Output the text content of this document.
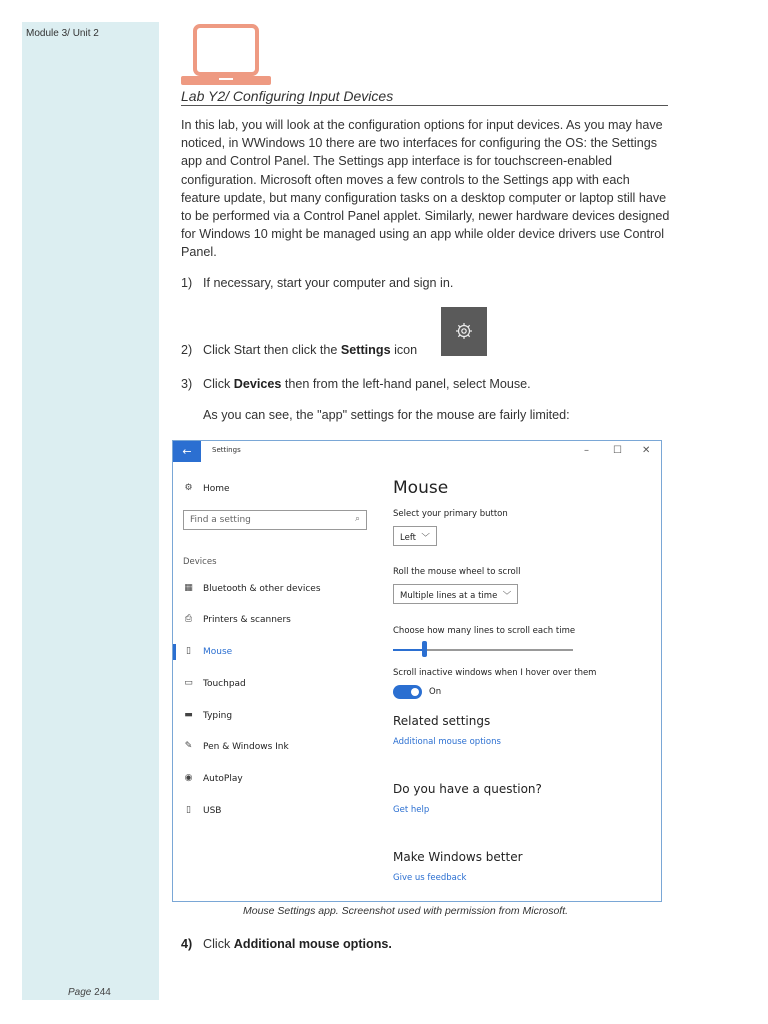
Module 3/ Unit 2
Page 244
Lab Y2/ Configuring Input Devices
In this lab, you will look at the configuration options for input devices. As you may have noticed, in WWindows 10 there are two interfaces for configuring the OS: the Settings app and Control Panel. The Settings app interface is for touchscreen-enabled configuration. Microsoft often moves a few controls to the Settings app with each feature update, but many configuration tasks on a desktop computer or laptop still have to be performed via a Control Panel applet. Similarly, newer hardware devices designed for Windows 10 might be managed using an app while older device drivers use Control Panel.
1) If necessary, start your computer and sign in.
2) Click Start then click the Settings icon
3) Click Devices then from the left-hand panel, select Mouse.
As you can see, the "app" settings for the mouse are fairly limited:
←	Settings	– ☐ ✕
⚙ Home
Find a setting	⌕
Devices
▦ Bluetooth & other devices
⎙ Printers & scanners
▯	Mouse
▭ Touchpad
▬ Typing
✎ Pen & Windows Ink
◉ AutoPlay
▯	USB
Mouse
Select your primary button
Left  ﹀
Roll the mouse wheel to scroll
Multiple lines at a time  ﹀
Choose how many lines to scroll each time
Scroll inactive windows when I hover over them
On
Related settings
Additional mouse options
Do you have a question?
Get help
Make Windows better
Give us feedback
Mouse Settings app. Screenshot used with permission from Microsoft.
4) Click Additional mouse options.
